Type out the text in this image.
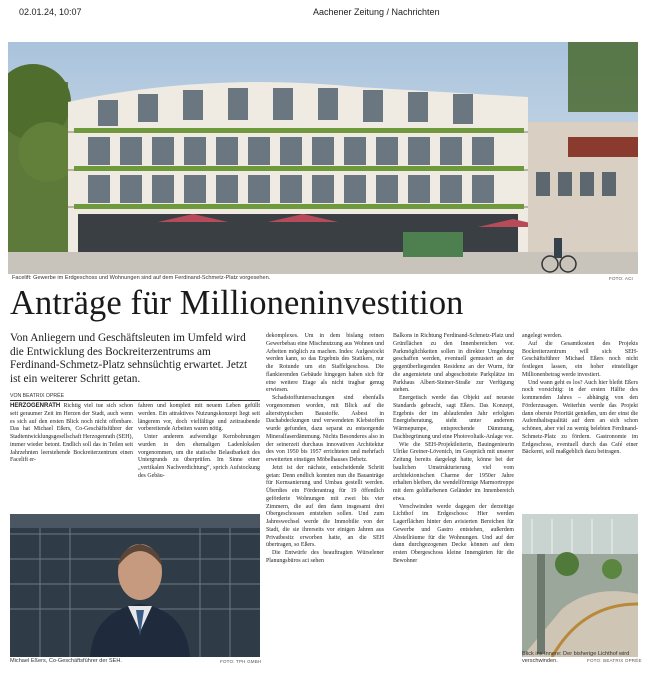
02.01.24, 10:07	Aachener Zeitung / Nachrichten
Facelift: Gewerbe im Erdgeschoss und Wohnungen sind auf dem Ferdinand-Schmetz-Platz vorgesehen.	FOTO: ACI
Anträge für Millioneninvestition
Von Anliegern und Geschäftsleuten im Umfeld wird die Entwicklung des Bockreiterzentrums am Ferdinand-Schmetz-Platz sehnsüchtig erwartet. Jetzt ist ein weiterer Schritt getan.
VON BEATRIX OPRÉE

HERZOGENRATH Richtig viel tue sich schon seit geraumer Zeit im Herzen der Stadt, auch wenn es sich auf den ersten Blick noch nicht offenbare. Das hat Michael Eßers, Co-Geschäftsführer der Stadtentwicklungsgesellschaft Herzogenrath (SEH), immer wieder betont. Endlich soll das in Teilen seit Jahrzehnten leerstehende Bockreiterzentrum einen Facelift er-

fahren und komplett mit neuem Leben gefüllt werden. Ein attraktives Nutzungskonzept liegt seit längerem vor, doch vielfältige und zeitraubende vorbereitende Arbeiten waren nötig.

Unter anderem aufwendige Kernbohrungen wurden in den ehemaligen Ladenlokalen vorgenommen, um die statische Belastbarkeit des Untergrunds zu überprüfen. Im Sinne einer „vertikalen Nachverdichtung“, sprich Aufstockung des Gebäu-

dekomplexes. Um in dem bislang reinen Gewerbebau eine Mischnutzung aus Wohnen und Arbeiten möglich zu machen. Indes: Aufgestockt werden kann, so das Ergebnis des Statikers, nur die Rotunde um ein Staffelgeschoss. Die flankierenden Gebäude hingegen haben sich für eine weitere Etage als nicht tragbar genug erwiesen.

Schadstoffuntersuchungen sind ebenfalls vorgenommen worden, mit Blick auf die altersttypischen Baustoffe. Asbest in Dachabdeckungen und verwendeten Klebstoffen wurde gefunden, dazu separat zu entsorgende Mineralfaserdämmung. Nichts Besonderes also in der seinerzeit durchaus innovativen Architektur des von 1950 bis 1957 errichteten und mehrfach erweiterten einstigen Möbelhauses Debetz.

Jetzt ist der nächste, entscheidende Schritt getan: Denn endlich konnten nun die Bauanträge für Kernsanierung und Umbau gestellt werden. Überdies ein Förderantrag für 19 öffentlich geförderte Wohnungen mit zwei bis vier Zimmern, die auf den dann insgesamt drei Obergeschossen entstehen sollen. Und zum Jahreswechsel werde die Immobilie von der Stadt, die sie ihrerseits vor einigen Jahren aus Privatbesitz erworben hatte, an die SEH übertragen, so Eßers.

Die Entwürfe des beauftragten Würselener Planungsbüros aci sehen

Balkons in Richtung Ferdinand-Schmetz-Platz und Grünflächen zu den Innenbereichen vor. Parkmöglichkeiten sollen in direkter Umgebung geschaffen werden, eventuell gemustert an der gegenüberliegenden Residenz an der Wurm, für die angemietete und abgeschottete Parkplätze im Parkhaus Albert-Steiner-Straße zur Verfügung stehen.

Energetisch werde das Objekt auf neueste Standards gebracht, sagt Eßers. Das Konzept, Ergebnis der im ablaufenden Jahr erfolgten Energieberatung, sieht unter anderem Wärmepumpe, entsprechende Dämmung, Dachbegrünung und eine Photovoltaik-Anlage vor.

Wie die SEH-Projektleiterin, Bauingenieurin Ulrike Greiner-Lövenich, im Gespräch mit unserer Zeitung bereits dargelegt hatte, könne bei der baulichen Umstrukturierung viel vom architektonischen Charme der 1950er Jahre erhalten bleiben, die wendelförmige Marmortreppe mit dem goldfarbenen Geländer im Innenbereich etwa.

Verschwinden werde dagegen der derzeitige Lichthof im Erdgeschoss: Hier werden Lagerflächen hinter den avisierten Bereichen für Gewerbe und Gastro entstehen, außerdem Abstellräume für die Wohnungen. Und auf der dann durchgezogenen Decke können auf dem ersten Obergeschoss kleine Innengärten für die Bewohner

angelegt werden.

Auf die Gesamtkosten des Projekts Bockreiterzentrum will sich SEH-Geschäftsführer Michael Eßers noch nicht festlegen lassen, ein hoher einstelliger Millionenbetrag werde investiert.

Und wann geht es los? Auch hier bleibt Eßers noch vorsichtig: in der ersten Hälfte des kommenden Jahres – abhängig von den Förderzusagen. Weiterhin werde das Projekt dann oberste Priorität genießen, um der einst die Aufenthaltsqualität auf dem an sich schon schönen, aber viel zu wenig belebten Ferdinand-Schmetz-Platz zu fördern. Gastronomie im Erdgeschoss, eventuell durch das Café einer Bäckerei, soll maßgeblich dazu beitragen.

Michael Eßers, Co-Geschäftsführer der SEH.	FOTO: TPH GMBH
Blick ins Innere: Der bisherige Lichthof wird verschwinden.	FOTO: BEATRIX OPRÉE
